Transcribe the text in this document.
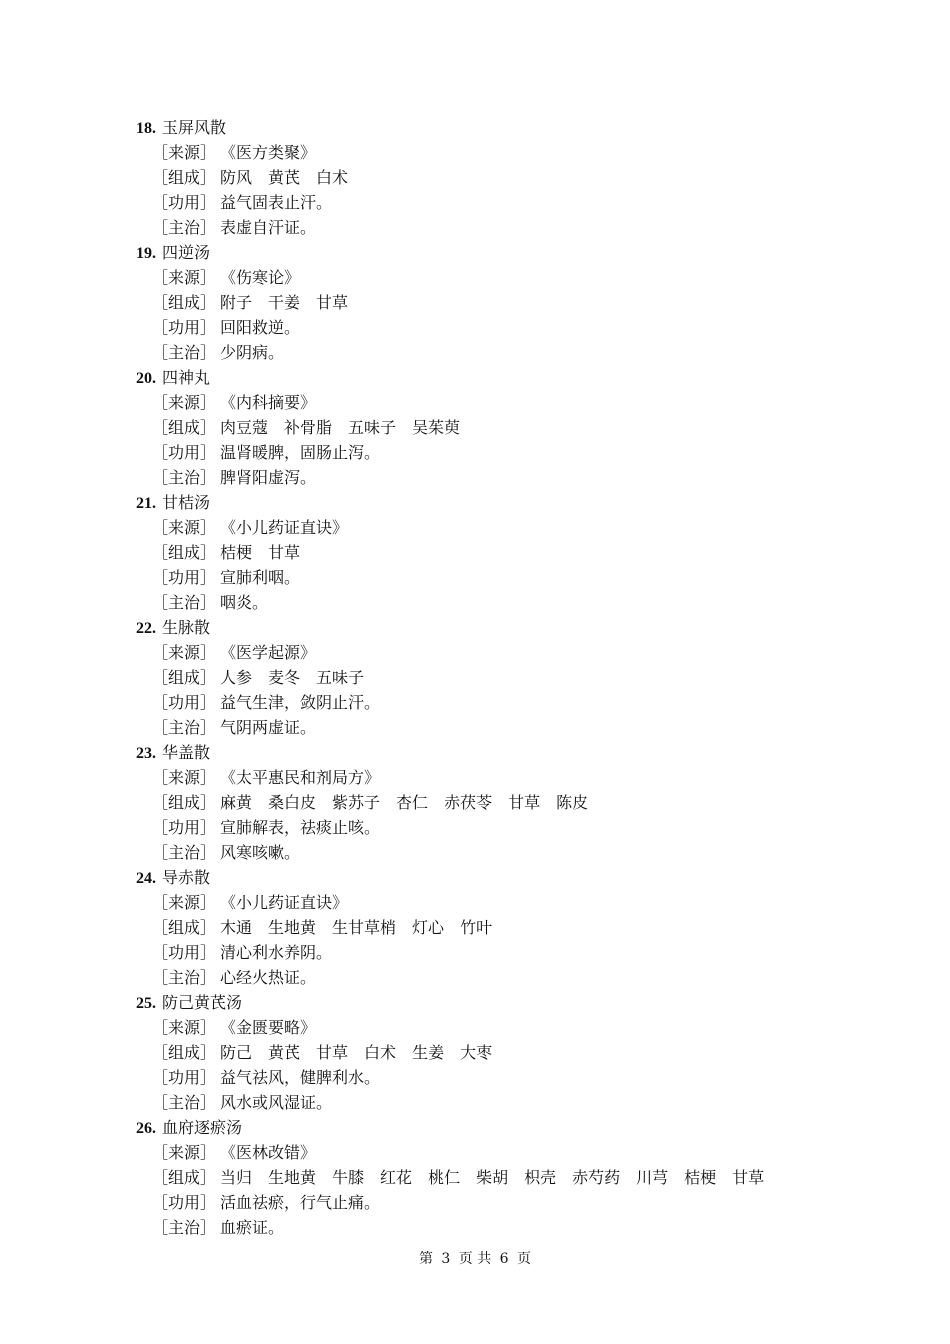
18. 玉屏风散
［来源］ 《医方类聚》
［组成］ 防风 黄芪 白术
［功用］ 益气固表止汗。
［主治］ 表虚自汗证。
19. 四逆汤
［来源］ 《伤寒论》
［组成］ 附子 干姜 甘草
［功用］ 回阳救逆。
［主治］ 少阴病。
20. 四神丸
［来源］ 《内科摘要》
［组成］ 肉豆蔻 补骨脂 五味子 吴茱萸
［功用］ 温肾暖脾，固肠止泻。
［主治］ 脾肾阳虚泻。
21. 甘桔汤
［来源］ 《小儿药证直诀》
［组成］ 桔梗 甘草
［功用］ 宣肺利咽。
［主治］ 咽炎。
22. 生脉散
［来源］ 《医学起源》
［组成］ 人参 麦冬 五味子
［功用］ 益气生津，敛阴止汗。
［主治］ 气阴两虚证。
23. 华盖散
［来源］ 《太平惠民和剂局方》
［组成］ 麻黄 桑白皮 紫苏子 杏仁 赤茯苓 甘草 陈皮
［功用］ 宣肺解表，祛痰止咳。
［主治］ 风寒咳嗽。
24. 导赤散
［来源］ 《小儿药证直诀》
［组成］ 木通 生地黄 生甘草梢 灯心 竹叶
［功用］ 清心利水养阴。
［主治］ 心经火热证。
25. 防己黄芪汤
［来源］ 《金匮要略》
［组成］ 防己 黄芪 甘草 白术 生姜 大枣
［功用］ 益气祛风，健脾利水。
［主治］ 风水或风湿证。
26. 血府逐瘀汤
［来源］ 《医林改错》
［组成］ 当归 生地黄 牛膝 红花 桃仁 柴胡 枳壳 赤芍药 川芎 桔梗 甘草
［功用］ 活血祛瘀，行气止痛。
［主治］ 血瘀证。
第 3 页 共 6 页
